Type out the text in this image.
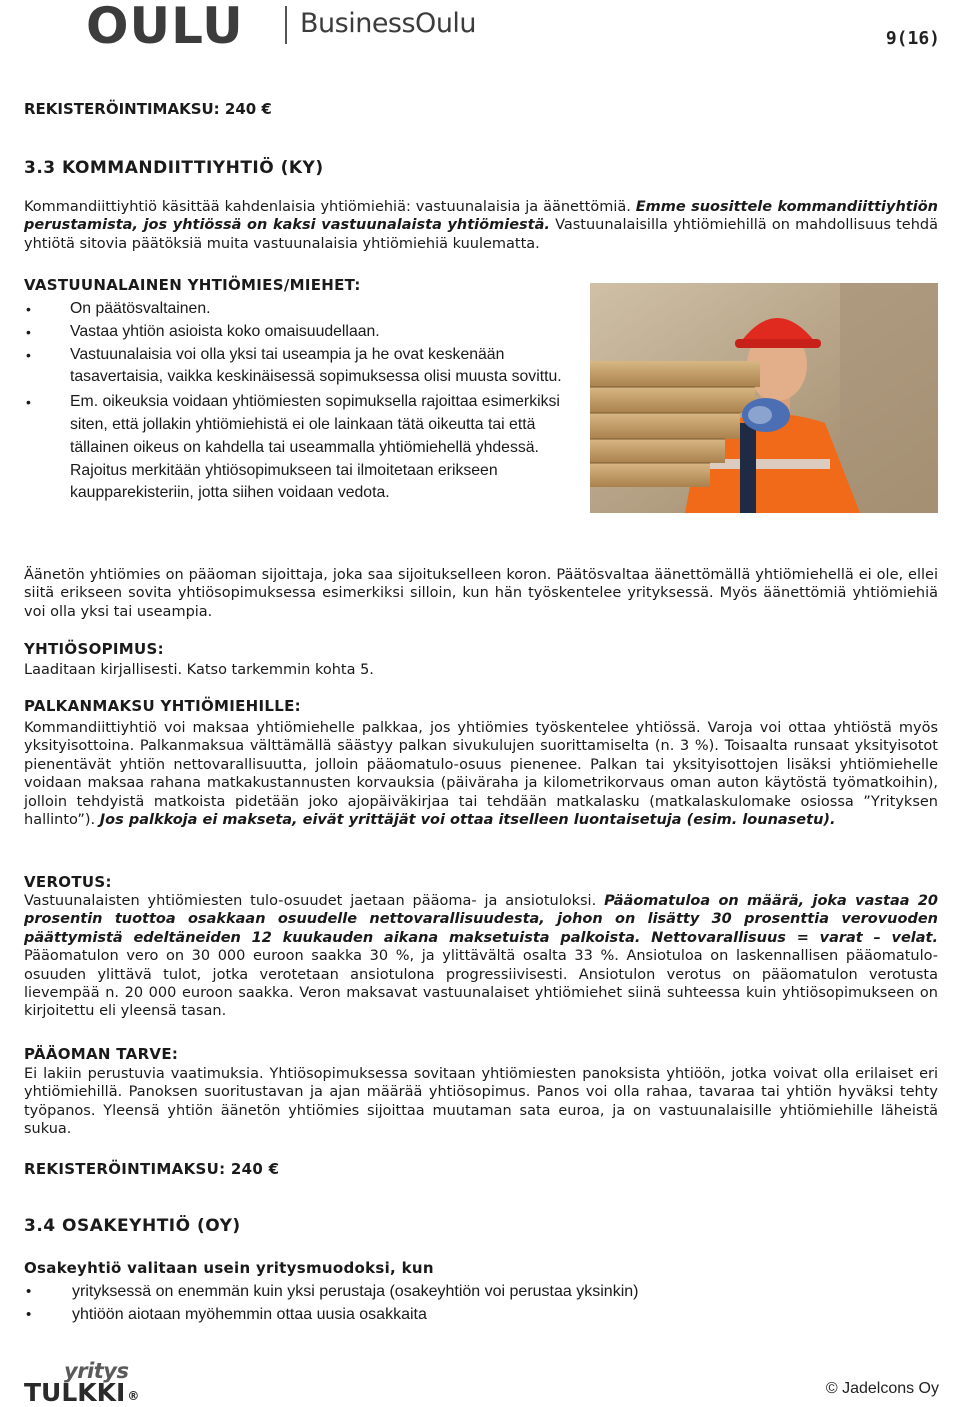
OULU BusinessOulu	9(16)
REKISTERÖINTIMAKSU: 240 €
3.3 KOMMANDIITTIYHTIÖ (KY)
Kommandiittiyhtiö käsittää kahdenlaisia yhtiömiehiä: vastuunalaisia ja äänettömiä. Emme suosittele kommandiittiyhtiön perustamista, jos yhtiössä on kaksi vastuunalaista yhtiömiestä. Vastuunalaisilla yhtiömiehillä on mahdollisuus tehdä yhtiötä sitovia päätöksiä muita vastuunalaisia yhtiömiehiä kuulematta.
VASTUUNALAINEN YHTIÖMIES/MIEHET:
• On päätösvaltainen.
• Vastaa yhtiön asioista koko omaisuudellaan.
• Vastuunalaisia voi olla yksi tai useampia ja he ovat keskenään tasavertaisia, vaikka keskinäisessä sopimuksessa olisi muusta sovittu.
• Em. oikeuksia voidaan yhtiömiesten sopimuksella rajoittaa esimerkiksi siten, että jollakin yhtiömiehistä ei ole lainkaan tätä oikeutta tai että tällainen oikeus on kahdella tai useammalla yhtiömiehellä yhdessä. Rajoitus merkitään yhtiösopimukseen tai ilmoitetaan erikseen kaupparekisteriin, jotta siihen voidaan vedota.
Äänetön yhtiömies on pääoman sijoittaja, joka saa sijoitukselleen koron. Päätösvaltaa äänettömällä yhtiömiehellä ei ole, ellei siitä erikseen sovita yhtiösopimuksessa esimerkiksi silloin, kun hän työskentelee yrityksessä. Myös äänettömiä yhtiömiehiä voi olla yksi tai useampia.
YHTIÖSOPIMUS:
Laaditaan kirjallisesti. Katso tarkemmin kohta 5.
PALKANMAKSU YHTIÖMIEHILLE:
Kommandiittiyhtiö voi maksaa yhtiömiehelle palkkaa, jos yhtiömies työskentelee yhtiössä. Varoja voi ottaa yhtiöstä myös yksityisottoina. Palkanmaksua välttämällä säästyy palkan sivukulujen suorittamiselta (n. 3 %). Toisaalta runsaat yksityisotot pienentävät yhtiön nettovarallisuutta, jolloin pääomatulo-osuus pienenee. Palkan tai yksityisottojen lisäksi yhtiömiehelle voidaan maksaa rahana matkakustannusten korvauksia (päiväraha ja kilometrikorvaus oman auton käytöstä työmatkoihin), jolloin tehdyistä matkoista pidetään joko ajopäiväkirjaa tai tehdään matkalasku (matkalaskulomake osiossa ”Yrityksen hallinto”). Jos palkkoja ei makseta, eivät yrittäjät voi ottaa itselleen luontaisetuja (esim. lounasetu).
VEROTUS:
Vastuunalaisten yhtiömiesten tulo-osuudet jaetaan pääoma- ja ansiotuloksi. Pääomatuloa on määrä, joka vastaa 20 prosentin tuottoa osakkaan osuudelle nettovarallisuudesta, johon on lisätty 30 prosenttia verovuoden päättymistä edeltäneiden 12 kuukauden aikana maksetuista palkoista. Nettovarallisuus = varat – velat. Pääomatulon vero on 30 000 euroon saakka 30 %, ja ylittävältä osalta 33 %. Ansiotuloa on laskennallisen pääomatulo-osuuden ylittävä tulot, jotka verotetaan ansiotulona progressiivisesti. Ansiotulon verotus on pääomatulon verotusta lievempää n. 20 000 euroon saakka. Veron maksavat vastuunalaiset yhtiömiehet siinä suhteessa kuin yhtiösopimukseen on kirjoitettu eli yleensä tasan.
PÄÄOMAN TARVE:
Ei lakiin perustuvia vaatimuksia. Yhtiösopimuksessa sovitaan yhtiömiesten panoksista yhtiöön, jotka voivat olla erilaiset eri yhtiömiehillä. Panoksen suoritustavan ja ajan määrää yhtiösopimus. Panos voi olla rahaa, tavaraa tai yhtiön hyväksi tehty työpanos. Yleensä yhtiön äänetön yhtiömies sijoittaa muutaman sata euroa, ja on vastuunalaisille yhtiömiehille läheistä sukua.
REKISTERÖINTIMAKSU: 240 €
3.4 OSAKEYHTIÖ (OY)
Osakeyhtiö valitaan usein yritysmuodoksi, kun
• yrityksessä on enemmän kuin yksi perustaja (osakeyhtiön voi perustaa yksinkin)
• yhtiöön aiotaan myöhemmin ottaa uusia osakkaita
yritys
TULKKI ®	© Jadelcons Oy
